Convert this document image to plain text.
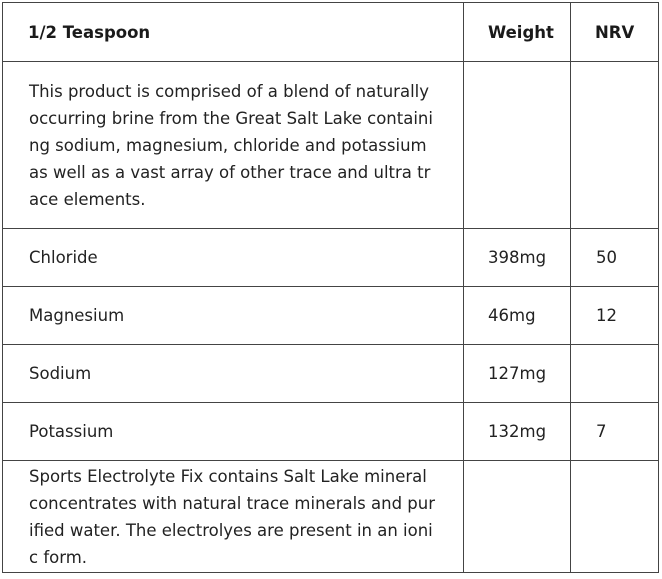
1/2 Teaspoon	Weight	NRV
This product is comprised of a blend of naturally occurring brine from the Great Salt Lake containing sodium, magnesium, chloride and potassium as well as a vast array of other trace and ultra trace elements.		
Chloride	398mg	50
Magnesium	46mg	12
Sodium	127mg	
Potassium	132mg	7
Sports Electrolyte Fix contains Salt Lake mineral concentrates with natural trace minerals and purified water. The electrolyes are present in an ionic form.		
